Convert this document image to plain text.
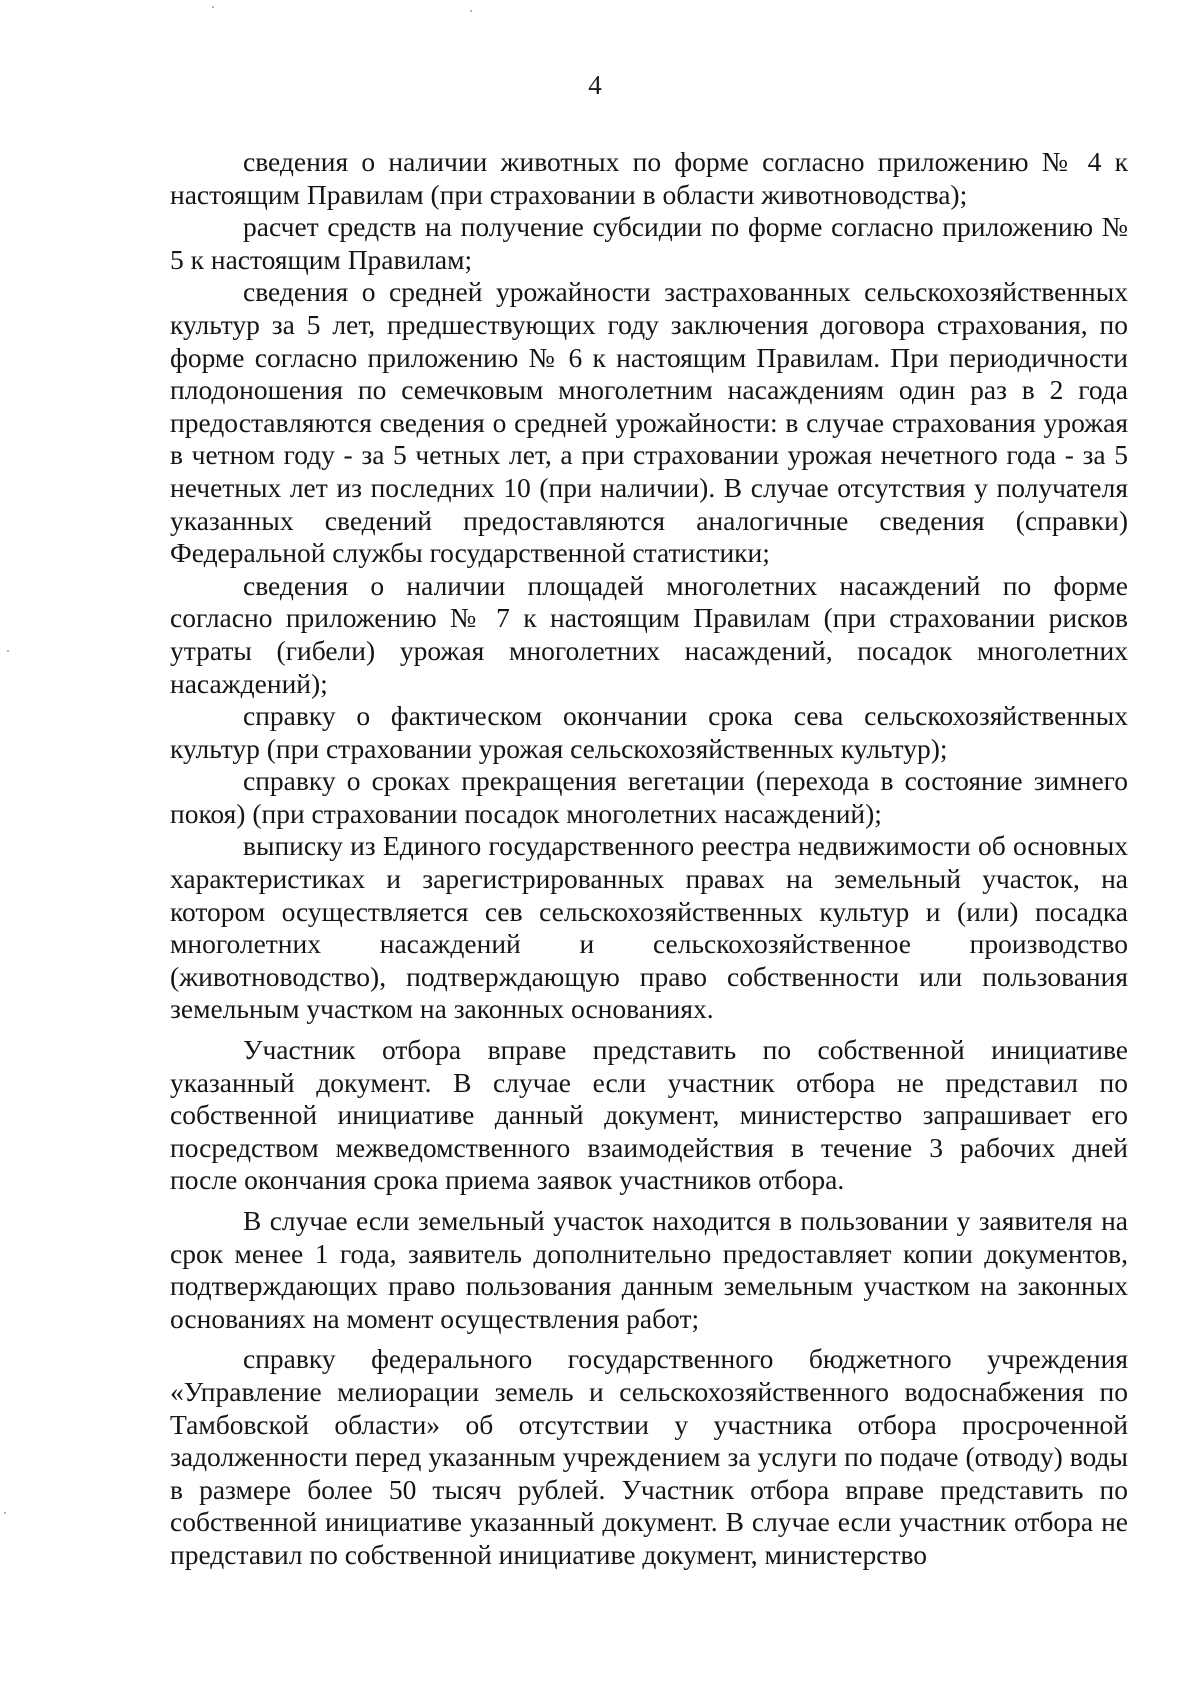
4

сведения о наличии животных по форме согласно приложению № 4 к настоящим Правилам (при страховании в области животноводства);

расчет средств на получение субсидии по форме согласно приложению № 5 к настоящим Правилам;

сведения о средней урожайности застрахованных сельскохозяйственных культур за 5 лет, предшествующих году заключения договора страхования, по форме согласно приложению № 6 к настоящим Правилам. При периодичности плодоношения по семечковым многолетним насаждениям один раз в 2 года предоставляются сведения о средней урожайности: в случае страхования урожая в четном году - за 5 четных лет, а при страховании урожая нечетного года - за 5 нечетных лет из последних 10 (при наличии). В случае отсутствия у получателя указанных сведений предоставляются аналогичные сведения (справки) Федеральной службы государственной статистики;

сведения о наличии площадей многолетних насаждений по форме согласно приложению № 7 к настоящим Правилам (при страховании рисков утраты (гибели) урожая многолетних насаждений, посадок многолетних насаждений);

справку о фактическом окончании срока сева сельскохозяйственных культур (при страховании урожая сельскохозяйственных культур);

справку о сроках прекращения вегетации (перехода в состояние зимнего покоя) (при страховании посадок многолетних насаждений);

выписку из Единого государственного реестра недвижимости об основных характеристиках и зарегистрированных правах на земельный участок, на котором осуществляется сев сельскохозяйственных культур и (или) посадка многолетних насаждений и сельскохозяйственное производство (животноводство), подтверждающую право собственности или пользования земельным участком на законных основаниях.

Участник отбора вправе представить по собственной инициативе указанный документ. В случае если участник отбора не представил по собственной инициативе данный документ, министерство запрашивает его посредством межведомственного взаимодействия в течение 3 рабочих дней после окончания срока приема заявок участников отбора.

В случае если земельный участок находится в пользовании у заявителя на срок менее 1 года, заявитель дополнительно предоставляет копии документов, подтверждающих право пользования данным земельным участком на законных основаниях на момент осуществления работ;

справку федерального государственного бюджетного учреждения «Управление мелиорации земель и сельскохозяйственного водоснабжения по Тамбовской области» об отсутствии у участника отбора просроченной задолженности перед указанным учреждением за услуги по подаче (отводу) воды в размере более 50 тысяч рублей. Участник отбора вправе представить по собственной инициативе указанный документ. В случае если участник отбора не представил по собственной инициативе документ, министерство
